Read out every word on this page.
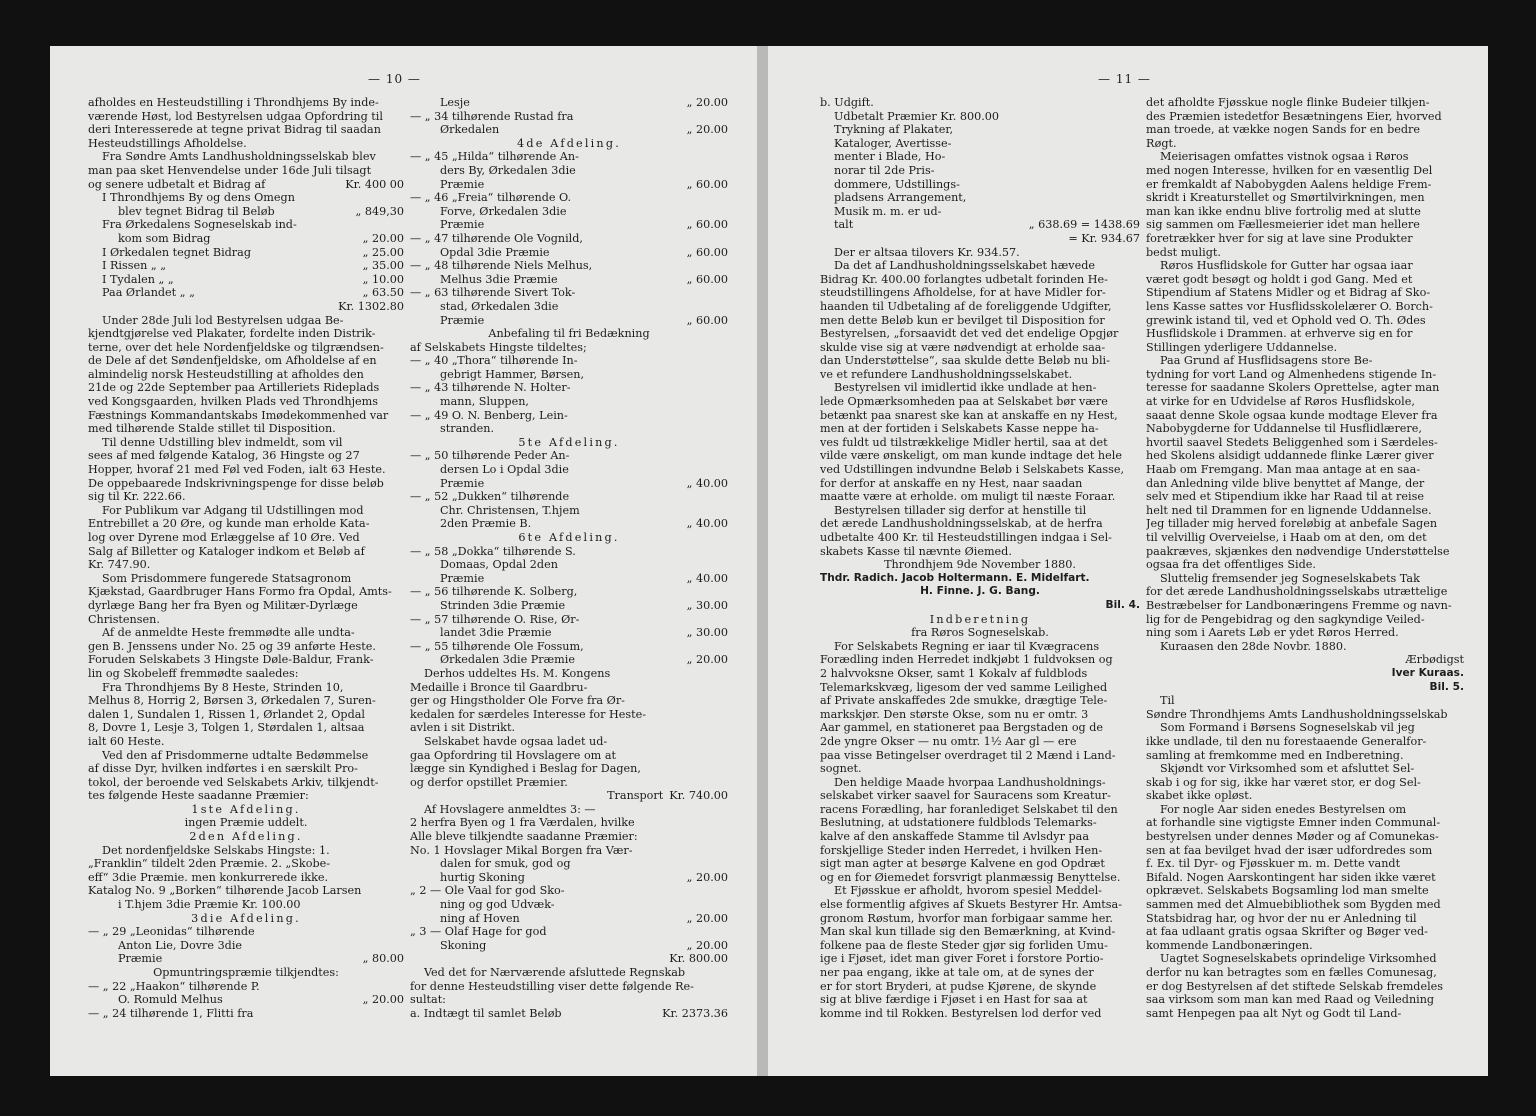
— 10 —

afholdes en Hesteudstilling i Throndhjems By inde-

værende Høst, lod Bestyrelsen udgaa Opfordring til

deri Interesserede at tegne privat Bidrag til saadan

Hesteudstillings Afholdelse.

Fra Søndre Amts Landhusholdningsselskab blev

man paa sket Henvendelse under 16de Juli tilsagt

og senere udbetalt et Bidrag af	Kr. 400 00

I Throndhjems By og dens Omegn

blev tegnet Bidrag til Beløb	„ 849,30

Fra Ørkedalens Sogneselskab ind-

kom som Bidrag	„ 20.00

I Ørkedalen tegnet Bidrag	„ 25.00

I Rissen „ „	„ 35.00

I Tydalen „ „	„ 10.00

Paa Ørlandet „ „	„ 63.50

Kr. 1302.80

Under 28de Juli lod Bestyrelsen udgaa Be-

kjendtgjørelse ved Plakater, fordelte inden Distrik-

terne, over det hele Nordenfjeldske og tilgrændsen-

de Dele af det Søndenfjeldske, om Afholdelse af en

almindelig norsk Hesteudstilling at afholdes den

21de og 22de September paa Artilleriets Rideplads

ved Kongsgaarden, hvilken Plads ved Throndhjems

Fæstnings Kommandantskabs Imødekommenhed var

med tilhørende Stalde stillet til Disposition.

Til denne Udstilling blev indmeldt, som vil

sees af med følgende Katalog, 36 Hingste og 27

Hopper, hvoraf 21 med Føl ved Foden, ialt 63 Heste.

De oppebaarede Indskrivningspenge for disse beløb

sig til Kr. 222.66.

For Publikum var Adgang til Udstillingen mod

Entrebillet a 20 Øre, og kunde man erholde Kata-

log over Dyrene mod Erlæggelse af 10 Øre. Ved

Salg af Billetter og Kataloger indkom et Beløb af

Kr. 747.90.

Som Prisdommere fungerede Statsagronom

Kjækstad, Gaardbruger Hans Formo fra Opdal, Amts-

dyrlæge Bang her fra Byen og Militær-Dyrlæge

Christensen.

Af de anmeldte Heste fremmødte alle undta-

gen B. Jenssens under No. 25 og 39 anførte Heste.

Foruden Selskabets 3 Hingste Døle-Baldur, Frank-

lin og Skobeleff fremmødte saaledes:

Fra Throndhjems By 8 Heste, Strinden 10,

Melhus 8, Horrig 2, Børsen 3, Ørkedalen 7, Suren-

dalen 1, Sundalen 1, Rissen 1, Ørlandet 2, Opdal

8, Dovre 1, Lesje 3, Tolgen 1, Størdalen 1, altsaa

ialt 60 Heste.

Ved den af Prisdommerne udtalte Bedømmelse

af disse Dyr, hvilken indførtes i en særskilt Pro-

tokol, der beroende ved Selskabets Arkiv, tilkjendt-

tes følgende Heste saadanne Præmier:

1ste Afdeling.

ingen Præmie uddelt.

2den Afdeling.

Det nordenfjeldske Selskabs Hingste: 1.

„Franklin“ tildelt 2den Præmie. 2. „Skobe-

eff“ 3die Præmie. men konkurrerede ikke.

Katalog No. 9 „Borken“ tilhørende Jacob Larsen

i T.hjem 3die Præmie Kr. 100.00

3die Afdeling.

— „ 29 „Leonidas“ tilhørende

Anton Lie, Dovre 3die

Præmie	„ 80.00

Opmuntringspræmie tilkjendtes:

— „ 22 „Haakon“ tilhørende P.

O. Romuld Melhus	„ 20.00

— „ 24 tilhørende 1, Flitti fra

Lesje	„ 20.00

— „ 34 tilhørende Rustad fra

Ørkedalen	„ 20.00

4de Afdeling.

— „ 45 „Hilda“ tilhørende An-

ders By, Ørkedalen 3die

Præmie	„ 60.00

— „ 46 „Freia“ tilhørende O.

Forve, Ørkedalen 3die

Præmie	„ 60.00

— „ 47 tilhørende Ole Vognild,

Opdal 3die Præmie	„ 60.00

— „ 48 tilhørende Niels Melhus,

Melhus 3die Præmie	„ 60.00

— „ 63 tilhørende Sivert Tok-

stad, Ørkedalen 3die

Præmie	„ 60.00

Anbefaling til fri Bedækning

af Selskabets Hingste tildeltes;

— „ 40 „Thora“ tilhørende In-

gebrigt Hammer, Børsen,

— „ 43 tilhørende N. Holter-

mann, Sluppen,

— „ 49 O. N. Benberg, Lein-

stranden.

5te Afdeling.

— „ 50 tilhørende Peder An-

dersen Lo i Opdal 3die

Præmie	„ 40.00

— „ 52 „Dukken“ tilhørende

Chr. Christensen, T.hjem

2den Præmie B.	„ 40.00

6te Afdeling.

— „ 58 „Dokka“ tilhørende S.

Domaas, Opdal 2den

Præmie	„ 40.00

— „ 56 tilhørende K. Solberg,

Strinden 3die Præmie	„ 30.00

— „ 57 tilhørende O. Rise, Ør-

landet 3die Præmie	„ 30.00

— „ 55 tilhørende Ole Fossum,

Ørkedalen 3die Præmie	„ 20.00

Derhos uddeltes Hs. M. Kongens

Medaille i Bronce til Gaardbru-

ger og Hingstholder Ole Forve fra Ør-

kedalen for særdeles Interesse for Heste-

avlen i sit Distrikt.

Selskabet havde ogsaa ladet ud-

gaa Opfordring til Hovslagere om at

lægge sin Kyndighed i Beslag for Dagen,

og derfor opstillet Præmier.

Transport Kr. 740.00

Af Hovslagere anmeldtes 3: —

2 herfra Byen og 1 fra Værdalen, hvilke

Alle bleve tilkjendte saadanne Præmier:

No. 1 Hovslager Mikal Borgen fra Vær-

dalen for smuk, god og

hurtig Skoning	„ 20.00

„ 2 — Ole Vaal for god Sko-

ning og god Udvæk-

ning af Hoven	„ 20.00

„ 3 — Olaf Hage for god

Skoning	„ 20.00

Kr. 800.00

Ved det for Nærværende afsluttede Regnskab

for denne Hesteudstilling viser dette følgende Re-

sultat:

a. Indtægt til samlet Beløb	Kr. 2373.36

— 11 —

b. Udgift.

Udbetalt Præmier Kr. 800.00

Trykning af Plakater,

Kataloger, Avertisse-

menter i Blade, Ho-

norar til 2de Pris-

dommere, Udstillings-

pladsens Arrangement,

Musik m. m. er ud-

talt	„ 638.69 = 1438.69

= Kr. 934.67

Der er altsaa tilovers Kr. 934.57.

Da det af Landhusholdningsselskabet hævede

Bidrag Kr. 400.00 forlangtes udbetalt forinden He-

steudstillingens Afholdelse, for at have Midler for-

haanden til Udbetaling af de foreliggende Udgifter,

men dette Beløb kun er bevilget til Disposition for

Bestyrelsen, „forsaavidt det ved det endelige Opgjør

skulde vise sig at være nødvendigt at erholde saa-

dan Understøttelse“, saa skulde dette Beløb nu bli-

ve et refundere Landhusholdningsselskabet.

Bestyrelsen vil imidlertid ikke undlade at hen-

lede Opmærksomheden paa at Selskabet bør være

betænkt paa snarest ske kan at anskaffe en ny Hest,

men at der fortiden i Selskabets Kasse neppe ha-

ves fuldt ud tilstrækkelige Midler hertil, saa at det

vilde være ønskeligt, om man kunde indtage det hele

ved Udstillingen indvundne Beløb i Selskabets Kasse,

for derfor at anskaffe en ny Hest, naar saadan

maatte være at erholde. om muligt til næste Foraar.

Bestyrelsen tillader sig derfor at henstille til

det ærede Landhusholdningsselskab, at de herfra

udbetalte 400 Kr. til Hesteudstillingen indgaa i Sel-

skabets Kasse til nævnte Øiemed.

Throndhjem 9de November 1880.

Thdr. Radich. Jacob Holtermann. E. Midelfart.

H. Finne. J. G. Bang.

Bil. 4.

Indberetning

fra Røros Sogneselskab.

For Selskabets Regning er iaar til Kvægracens

Forædling inden Herredet indkjøbt 1 fuldvoksen og

2 halvvoksne Okser, samt 1 Kokalv af fuldblods

Telemarkskvæg, ligesom der ved samme Leilighed

af Private anskaffedes 2de smukke, drægtige Tele-

markskjør. Den største Okse, som nu er omtr. 3

Aar gammel, en stationeret paa Bergstaden og de

2de yngre Okser — nu omtr. 1½ Aar gl — ere

paa visse Betingelser overdraget til 2 Mænd i Land-

sognet.

Den heldige Maade hvorpaa Landhusholdnings-

selskabet virker saavel for Sauracens som Kreatur-

racens Forædling, har foranlediget Selskabet til den

Beslutning, at udstationere fuldblods Telemarks-

kalve af den anskaffede Stamme til Avlsdyr paa

forskjellige Steder inden Herredet, i hvilken Hen-

sigt man agter at besørge Kalvene en god Opdræt

og en for Øiemedet forsvrigt planmæssig Benyttelse.

Et Fjøsskue er afholdt, hvorom spesiel Meddel-

else formentlig afgives af Skuets Bestyrer Hr. Amtsa-

gronom Røstum, hvorfor man forbigaar samme her.

Man skal kun tillade sig den Bemærkning, at Kvind-

folkene paa de fleste Steder gjør sig forliden Umu-

ige i Fjøset, idet man giver Foret i forstore Portio-

ner paa engang, ikke at tale om, at de synes der

er for stort Bryderi, at pudse Kjørene, de skynde

sig at blive færdige i Fjøset i en Hast for saa at

komme ind til Rokken. Bestyrelsen lod derfor ved

det afholdte Fjøsskue nogle flinke Budeier tilkjen-

des Præmien istedetfor Besætningens Eier, hvorved

man troede, at vække nogen Sands for en bedre

Røgt.

Meierisagen omfattes vistnok ogsaa i Røros

med nogen Interesse, hvilken for en væsentlig Del

er fremkaldt af Nabobygden Aalens heldige Frem-

skridt i Kreaturstellet og Smørtilvirkningen, men

man kan ikke endnu blive fortrolig med at slutte

sig sammen om Fællesmeierier idet man hellere

foretrækker hver for sig at lave sine Produkter

bedst muligt.

Røros Husflidskole for Gutter har ogsaa iaar

været godt besøgt og holdt i god Gang. Med et

Stipendium af Statens Midler og et Bidrag af Sko-

lens Kasse sattes vor Husflidsskolelærer O. Borch-

grewink istand til, ved et Ophold ved O. Th. Ødes

Husflidskole i Drammen. at erhverve sig en for

Stillingen yderligere Uddannelse.

Paa Grund af Husflidsagens store Be-

tydning for vort Land og Almenhedens stigende In-

teresse for saadanne Skolers Oprettelse, agter man

at virke for en Udvidelse af Røros Husflidskole,

saaat denne Skole ogsaa kunde modtage Elever fra

Nabobygderne for Uddannelse til Husflidlærere,

hvortil saavel Stedets Beliggenhed som i Særdeles-

hed Skolens alsidigt uddannede flinke Lærer giver

Haab om Fremgang. Man maa antage at en saa-

dan Anledning vilde blive benyttet af Mange, der

selv med et Stipendium ikke har Raad til at reise

helt ned til Drammen for en lignende Uddannelse.

Jeg tillader mig herved foreløbig at anbefale Sagen

til velvillig Overveielse, i Haab om at den, om det

paakræves, skjænkes den nødvendige Understøttelse

ogsaa fra det offentliges Side.

Sluttelig fremsender jeg Sogneselskabets Tak

for det ærede Landhusholdningsselskabs utrættelige

Bestræbelser for Landbonæringens Fremme og navn-

lig for de Pengebidrag og den sagkyndige Veiled-

ning som i Aarets Løb er ydet Røros Herred.

Kuraasen den 28de Novbr. 1880.

Ærbødigst

Iver Kuraas.

Bil. 5.

Til

Søndre Throndhjems Amts Landhusholdningsselskab

Som Formand i Børsens Sogneselskab vil jeg

ikke undlade, til den nu forestaaende Generalfor-

samling at fremkomme med en Indberetning.

Skjøndt vor Virksomhed som et afsluttet Sel-

skab i og for sig, ikke har været stor, er dog Sel-

skabet ikke opløst.

For nogle Aar siden enedes Bestyrelsen om

at forhandle sine vigtigste Emner inden Communal-

bestyrelsen under dennes Møder og af Comunekas-

sen at faa bevilget hvad der især udfordredes som

f. Ex. til Dyr- og Fjøsskuer m. m. Dette vandt

Bifald. Nogen Aarskontingent har siden ikke været

opkrævet. Selskabets Bogsamling lod man smelte

sammen med det Almuebibliothek som Bygden med

Statsbidrag har, og hvor der nu er Anledning til

at faa udlaant gratis ogsaa Skrifter og Bøger ved-

kommende Landbonæringen.

Uagtet Sogneselskabets oprindelige Virksomhed

derfor nu kan betragtes som en fælles Comunesag,

er dog Bestyrelsen af det stiftede Selskab fremdeles

saa virksom som man kan med Raad og Veiledning

samt Henpegen paa alt Nyt og Godt til Land-
